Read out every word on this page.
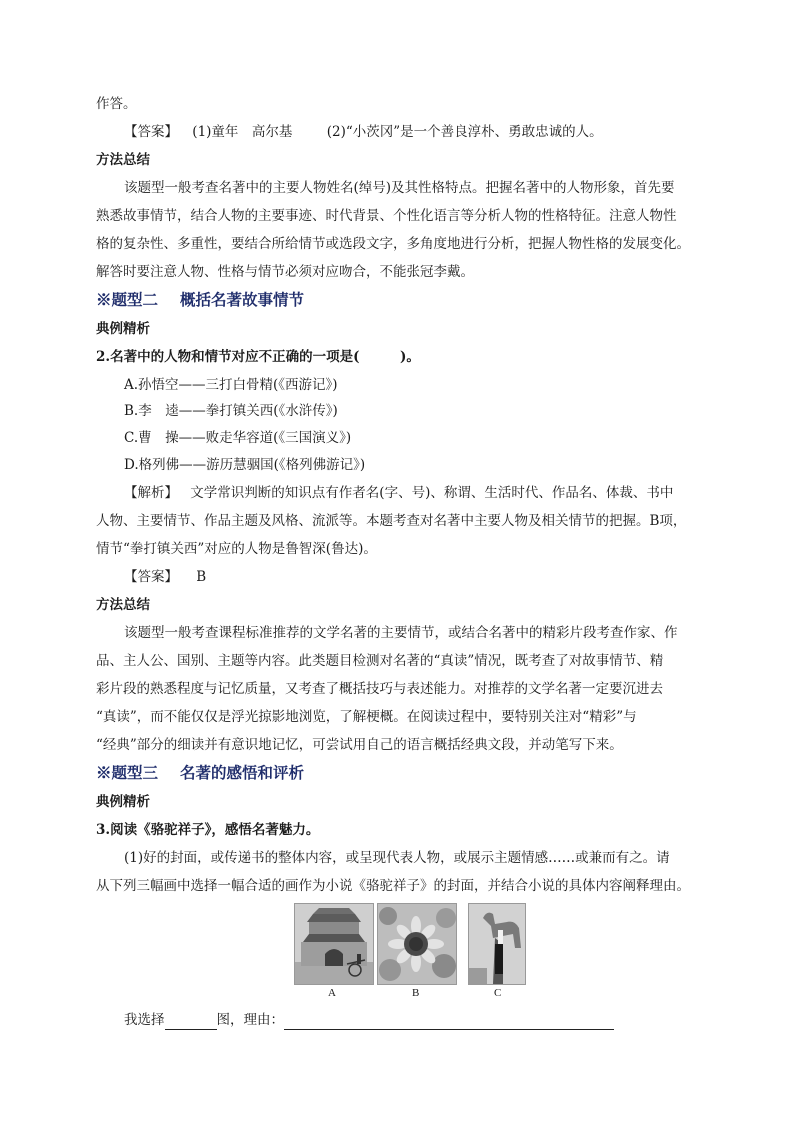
作答。
【答案】 (1)童年　高尔基	(2)“小茨冈”是一个善良淳朴、勇敢忠诚的人。
方法总结
该题型一般考查名著中的主要人物姓名(绰号)及其性格特点。把握名著中的人物形象，首先要
熟悉故事情节，结合人物的主要事迹、时代背景、个性化语言等分析人物的性格特征。注意人物性
格的复杂性、多重性，要结合所给情节或选段文字，多角度地进行分析，把握人物性格的发展变化。
解答时要注意人物、性格与情节必须对应吻合，不能张冠李戴。
※题型二 概括名著故事情节
典例精析
2.名著中的人物和情节对应不正确的一项是(　　　)。
A.孙悟空——三打白骨精(《西游记》)
B.李　逵——拳打镇关西(《水浒传》)
C.曹　操——败走华容道(《三国演义》)
D.格列佛——游历慧骃国(《格列佛游记》)
【解析】 文学常识判断的知识点有作者名(字、号)、称谓、生活时代、作品名、体裁、书中
人物、主要情节、作品主题及风格、流派等。本题考查对名著中主要人物及相关情节的把握。B项，
情节“拳打镇关西”对应的人物是鲁智深(鲁达)。
【答案】 B
方法总结
该题型一般考查课程标准推荐的文学名著的主要情节，或结合名著中的精彩片段考查作家、作
品、主人公、国别、主题等内容。此类题目检测对名著的“真读”情况，既考查了对故事情节、精
彩片段的熟悉程度与记忆质量，又考查了概括技巧与表述能力。对推荐的文学名著一定要沉进去
“真读”，而不能仅仅是浮光掠影地浏览，了解梗概。在阅读过程中，要特别关注对“精彩”与
“经典”部分的细读并有意识地记忆，可尝试用自己的语言概括经典文段，并动笔写下来。
※题型三 名著的感悟和评析
典例精析
3.阅读《骆驼祥子》，感悟名著魅力。
(1)好的封面，或传递书的整体内容，或呈现代表人物，或展示主题情感……或兼而有之。请
从下列三幅画中选择一幅合适的画作为小说《骆驼祥子》的封面，并结合小说的具体内容阐释理由。
A	B	C
我选择	图，理由：
